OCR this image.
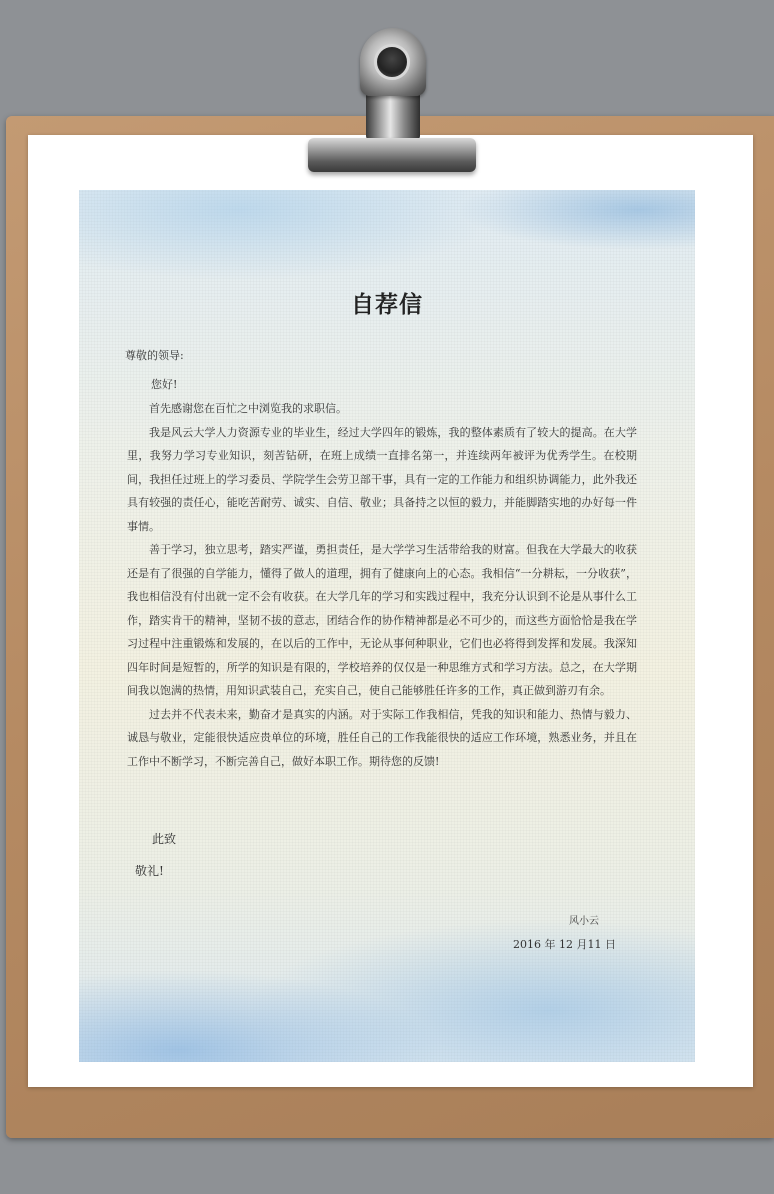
自荐信
尊敬的领导:
您好!

首先感谢您在百忙之中浏览我的求职信。

我是风云大学人力资源专业的毕业生，经过大学四年的锻炼，我的整体素质有了较大的提高。在大学里，我努力学习专业知识，刻苦钻研，在班上成绩一直排名第一，并连续两年被评为优秀学生。在校期间，我担任过班上的学习委员、学院学生会劳卫部干事，具有一定的工作能力和组织协调能力，此外我还具有较强的责任心，能吃苦耐劳、诚实、自信、敬业；具备持之以恒的毅力，并能脚踏实地的办好每一件事情。

善于学习，独立思考，踏实严谨，勇担责任，是大学学习生活带给我的财富。但我在大学最大的收获还是有了很强的自学能力，懂得了做人的道理，拥有了健康向上的心态。我相信“一分耕耘，一分收获”，我也相信没有付出就一定不会有收获。在大学几年的学习和实践过程中，我充分认识到不论是从事什么工作，踏实肯干的精神，坚韧不拔的意志，团结合作的协作精神都是必不可少的，而这些方面恰恰是我在学习过程中注重锻炼和发展的，在以后的工作中，无论从事何种职业，它们也必将得到发挥和发展。我深知四年时间是短暂的，所学的知识是有限的，学校培养的仅仅是一种思维方式和学习方法。总之，在大学期间我以饱满的热情，用知识武装自己，充实自己，使自己能够胜任许多的工作，真正做到游刃有余。

过去并不代表未来，勤奋才是真实的内涵。对于实际工作我相信，凭我的知识和能力、热情与毅力、诚恳与敬业，定能很快适应贵单位的环境，胜任自己的工作我能很快的适应工作环境，熟悉业务，并且在工作中不断学习，不断完善自己，做好本职工作。期待您的反馈!

此致
敬礼!
风小云
2016 年 12 月11 日
